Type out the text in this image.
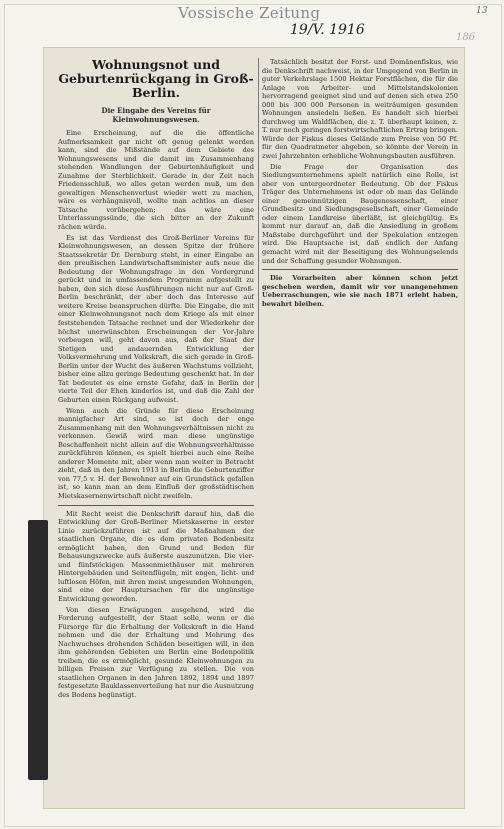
Vossische Zeitung
19/V. 1916	186
13
Wohnungsnot und Geburtenrückgang in Groß-Berlin.
Die Eingabe des Vereins für Kleinwohnungswesen.

Eine Erscheinung, auf die die öffentliche Aufmerksamkeit gar nicht oft genug gelenkt werden kann, sind die Mißstände auf dem Gebiete des Wohnungswesens und die damit im Zusammenhang stehenden Wandlungen der Geburtenhäufigkeit und Zunahme der Sterblichkeit. Gerade in der Zeit nach Friedensschluß, wo alles getan werden muß, um den gewaltigen Menschenverlust wieder wett zu machen, wäre es verhängnisvoll, wollte man achtlos an dieser Tatsache vorübergehen; das wäre eine Unterlassungssünde, die sich bitter an der Zukunft rächen würde.

Es ist das Verdienst des Groß-Berliner Vereins für Kleinwohnungswesen, an dessen Spitze der frühere Staatssekretär Dr. Dernburg steht, in einer Eingabe an den preußischen Landwirtschaftsminister aufs neue die Bedeutung der Wohnungsfrage in den Vordergrund gerückt und in umfassendem Programm aufgestellt zu haben, den sich diese Ausführungen nicht nur auf Groß-Berlin beschränkt, der aber doch das Interesse auf weitere Kreise beanspruchen dürfte. Die Eingabe, die mit einer Kleinwohnungsnot nach dem Kriege als mit einer feststehenden Tatsache rechnet und der Wiederkehr der höchst unerwünschten Erscheinungen der Vor-Jahre vorbeugen will, geht davon aus, daß der Staat der Stetigen und andauernden Entwicklung der Volksvermehrung und Volkskraft, die sich gerade in Groß-Berlin unter der Wucht des äußeren Wachstums vollzieht, bisher eine allzu geringe Bedeutung geschenkt hat. In der Tat bedeutet es eine ernste Gefahr, daß in Berlin der vierte Teil der Ehen kinderlos ist, und daß die Zahl der Geburten einen Rückgang aufweist.

Wenn auch die Gründe für diese Erscheinung mannigfacher Art sind, so ist doch der enge Zusammenhang mit den Wohnungsverhältnissen nicht zu verkennen. Gewiß wird man diese ungünstige Beschaffenheit nicht allein auf die Wohnungsverhältnisse zurückführen können, es spielt hierbei auch eine Reihe anderer Momente mit, aber wenn man weiter in Betracht zieht, daß in den Jahren 1913 in Berlin die Geburtenziffer von 77,5 v. H. der Bewohner auf ein Grundstück gefallen ist, so kann man an dem Einfluß der großstädtischen Mietskasernenwirtschaft nicht zweifeln.

Mit Recht weist die Denkschrift darauf hin, daß die Entwicklung der Groß-Berliner Mietskaserne in erster Linie zurückzuführen ist auf die Maßnahmen der staatlichen Organe, die es dem privaten Bodenbesitz ermöglicht haben, den Grund und Boden für Behausungszwecke aufs äußerste auszunutzen. Die vier- und fünfstöckigen Massenmiethäuser mit mehreren Hintergebäuden und Seitenflügeln, mit engen, licht- und luftlosen Höfen, mit ihren meist ungesunden Wohnungen, sind eine der Hauptursachen für die ungünstige Entwicklung geworden.

Von diesen Erwägungen ausgehend, wird die Forderung aufgestellt, der Staat solle, wenn er die Fürsorge für die Erhaltung der Volkskraft in die Hand nehmen und die der Erhaltung und Mehrung des Nachwuchses drohenden Schäden beseitigen will, in den ihm gehörenden Gebieten um Berlin eine Bodenpolitik treiben, die es ermöglicht, gesunde Kleinwohnungen zu billigen Preisen zur Verfügung zu stellen. Die von staatlichen Organen in den Jahren 1892, 1894 und 1897 festgesetzte Bauklassenverteilung hat nur die Ausnutzung des Bodens begünstigt.

Tatsächlich besitzt der Forst- und Domänenfiskus, wie die Denkschrift nachweist, in der Umgegend von Berlin in guter Verkehrslage 1500 Hektar Forstflächen, die für die Anlage von Arbeiter- und Mittelstandskolonien hervorragend geeignet sind und auf denen sich etwa 250 000 bis 300 000 Personen in weiträumigen gesunden Wohnungen ansiedeln ließen. Es handelt sich hierbei durchweg um Waldflächen, die z. T. überhaupt keinen, z. T. nur noch geringen forstwirtschaftlichen Ertrag bringen. Würde der Fiskus dieses Gelände zum Preise von 50 Pf. für den Quadratmeter abgeben, so könnte der Verein in zwei Jahrzehnten erhebliche Wohnungsbauten ausführen.

Die Frage der Organisation des Siedlungsunternehmens spielt natürlich eine Rolle, ist aber von untergeordneter Bedeutung. Ob der Fiskus Träger des Unternehmens ist oder ob man das Gelände einer gemeinnützigen Baugenossenschaft, einer Grundbesitz- und Siedlungsgesellschaft, einer Gemeinde oder einem Landkreise überläßt, ist gleichgültig. Es kommt nur darauf an, daß die Ansiedlung in großem Maßstabe durchgeführt und der Spekulation entzogen wird. Die Hauptsache ist, daß endlich der Anfang gemacht wird mit der Beseitigung des Wohnungselends und der Schaffung gesunder Wohnungen.

Die Vorarbeiten aber können schon jetzt geschehen werden, damit wir vor unangenehmen Ueberraschungen, wie sie nach 1871 erlebt haben, bewahrt bleiben.
